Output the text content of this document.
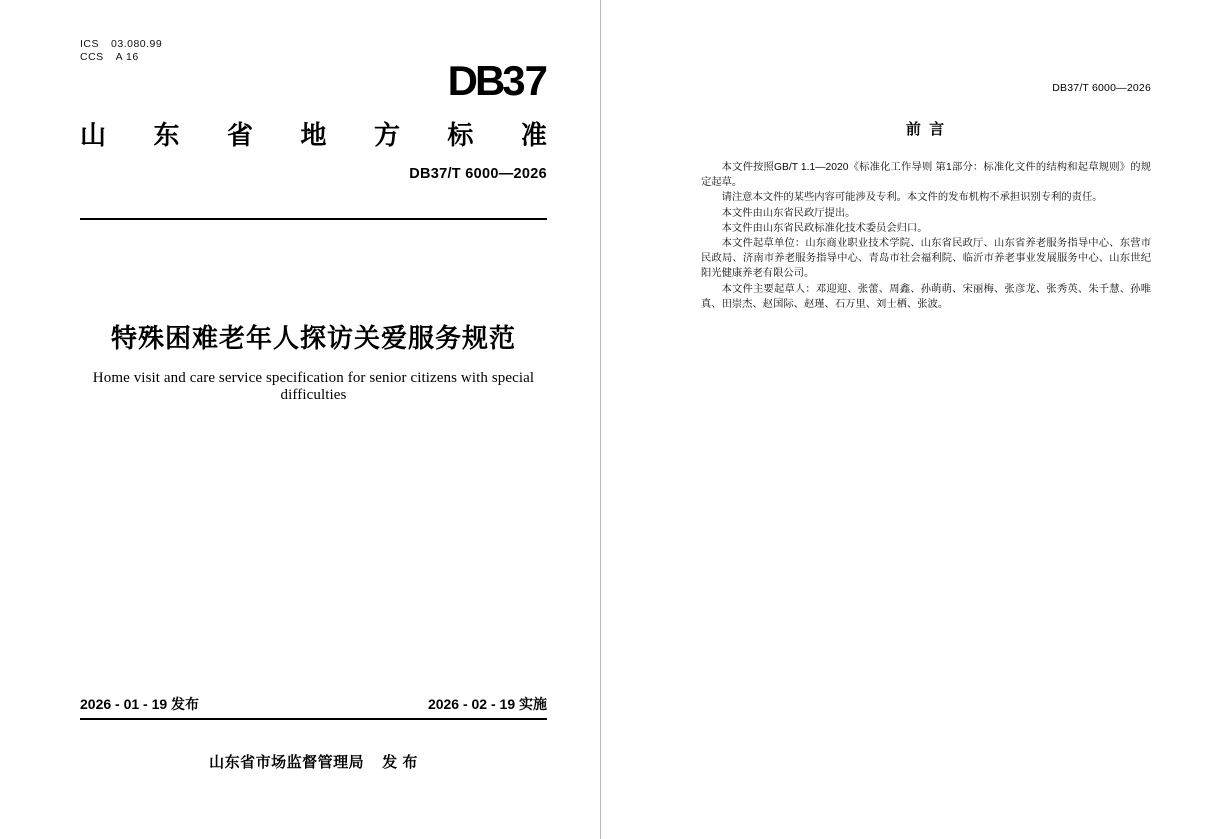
ICS 03.080.99
CCS A 16	DB37
山 东 省 地 方 标 准
DB37/T 6000—2026
特殊困难老年人探访关爱服务规范
Home visit and care service specification for senior citizens with special difficulties
2026 - 01 - 19 发布	2026 - 02 - 19 实施
山东省市场监督管理局 发 布
DB37/T 6000—2026
前 言

本文件按照GB/T 1.1—2020《标准化工作导则 第1部分：标准化文件的结构和起草规则》的规定起草。

请注意本文件的某些内容可能涉及专利。本文件的发布机构不承担识别专利的责任。

本文件由山东省民政厅提出。

本文件由山东省民政标准化技术委员会归口。

本文件起草单位：山东商业职业技术学院、山东省民政厅、山东省养老服务指导中心、东营市民政局、济南市养老服务指导中心、青岛市社会福利院、临沂市养老事业发展服务中心、山东世纪阳光健康养老有限公司。

本文件主要起草人：邓迎迎、张蕾、周鑫、孙萌萌、宋丽梅、张彦龙、张秀英、朱千慧、孙唯真、田崇杰、赵国际、赵瑾、石万里、刘士栖、张波。
